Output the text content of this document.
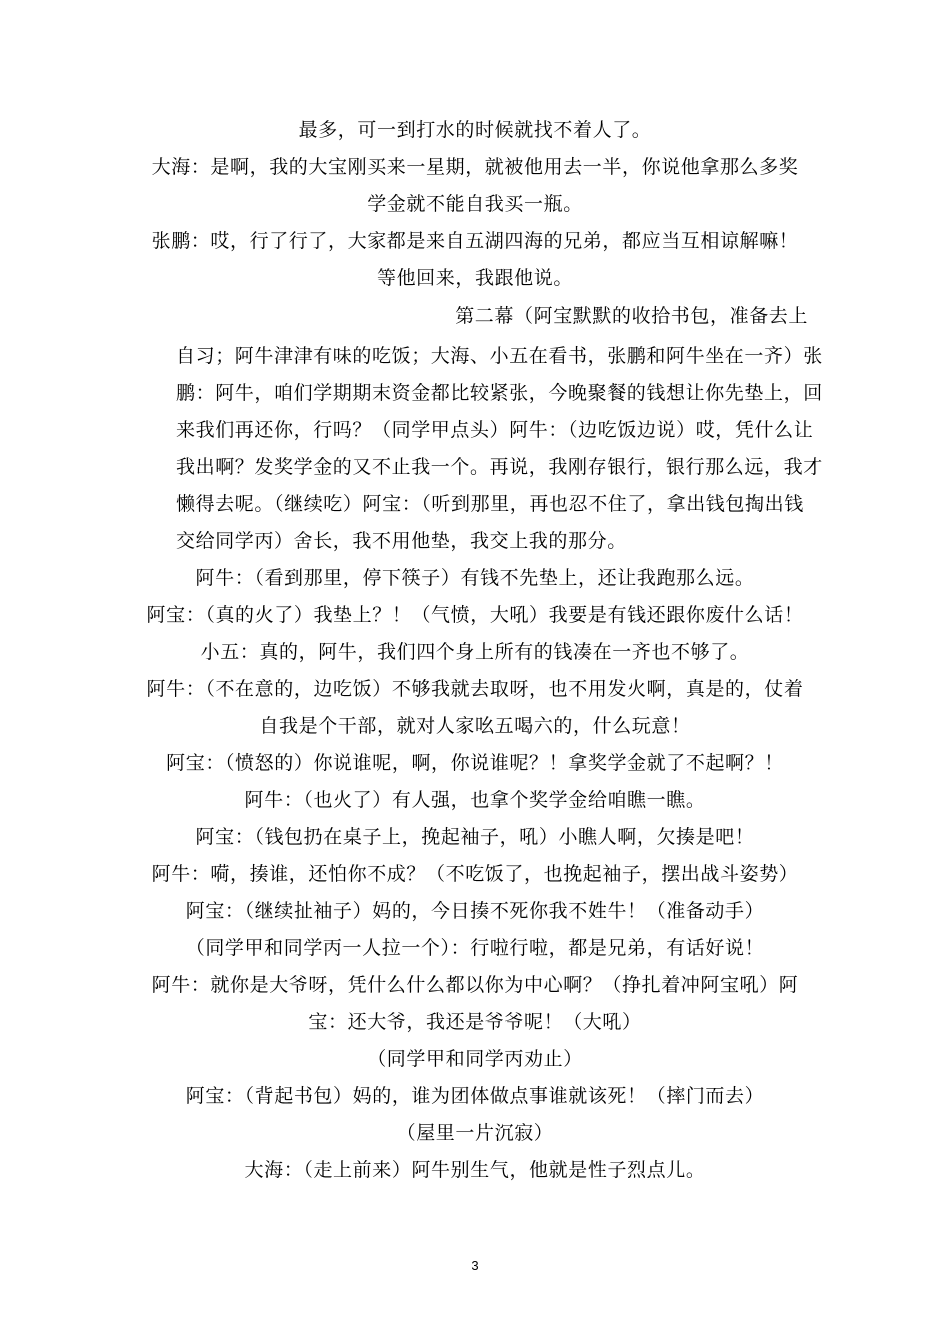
最多，可一到打水的时候就找不着人了。
大海：是啊，我的大宝刚买来一星期，就被他用去一半，你说他拿那么多奖
学金就不能自我买一瓶。
张鹏：哎，行了行了，大家都是来自五湖四海的兄弟，都应当互相谅解嘛！
等他回来，我跟他说。
第二幕（阿宝默默的收拾书包，准备去上
自习；阿牛津津有味的吃饭；大海、小五在看书，张鹏和阿牛坐在一齐）张
鹏：阿牛，咱们学期期末资金都比较紧张，今晚聚餐的钱想让你先垫上，回
来我们再还你，行吗？（同学甲点头）阿牛：（边吃饭边说）哎，凭什么让
我出啊？发奖学金的又不止我一个。再说，我刚存银行，银行那么远，我才
懒得去呢。（继续吃）阿宝：（听到那里，再也忍不住了，拿出钱包掏出钱
交给同学丙）舍长，我不用他垫，我交上我的那分。
阿牛：（看到那里，停下筷子）有钱不先垫上，还让我跑那么远。
阿宝：（真的火了）我垫上？！（气愤，大吼）我要是有钱还跟你废什么话！
小五：真的，阿牛，我们四个身上所有的钱凑在一齐也不够了。
阿牛：（不在意的，边吃饭）不够我就去取呀，也不用发火啊，真是的，仗着
自我是个干部，就对人家吆五喝六的，什么玩意！
阿宝：（愤怒的）你说谁呢，啊，你说谁呢？！拿奖学金就了不起啊？！
阿牛：（也火了）有人强，也拿个奖学金给咱瞧一瞧。
阿宝：（钱包扔在桌子上，挽起袖子，吼）小瞧人啊，欠揍是吧！
阿牛：嗬，揍谁，还怕你不成？（不吃饭了，也挽起袖子，摆出战斗姿势）
阿宝：（继续扯袖子）妈的，今日揍不死你我不姓牛！（准备动手）
（同学甲和同学丙一人拉一个）：行啦行啦，都是兄弟，有话好说！
阿牛：就你是大爷呀，凭什么什么都以你为中心啊？（挣扎着冲阿宝吼）阿
宝：还大爷，我还是爷爷呢！（大吼）
（同学甲和同学丙劝止）
阿宝：（背起书包）妈的，谁为团体做点事谁就该死！（摔门而去）
（屋里一片沉寂）
大海：（走上前来）阿牛别生气，他就是性子烈点儿。
3
